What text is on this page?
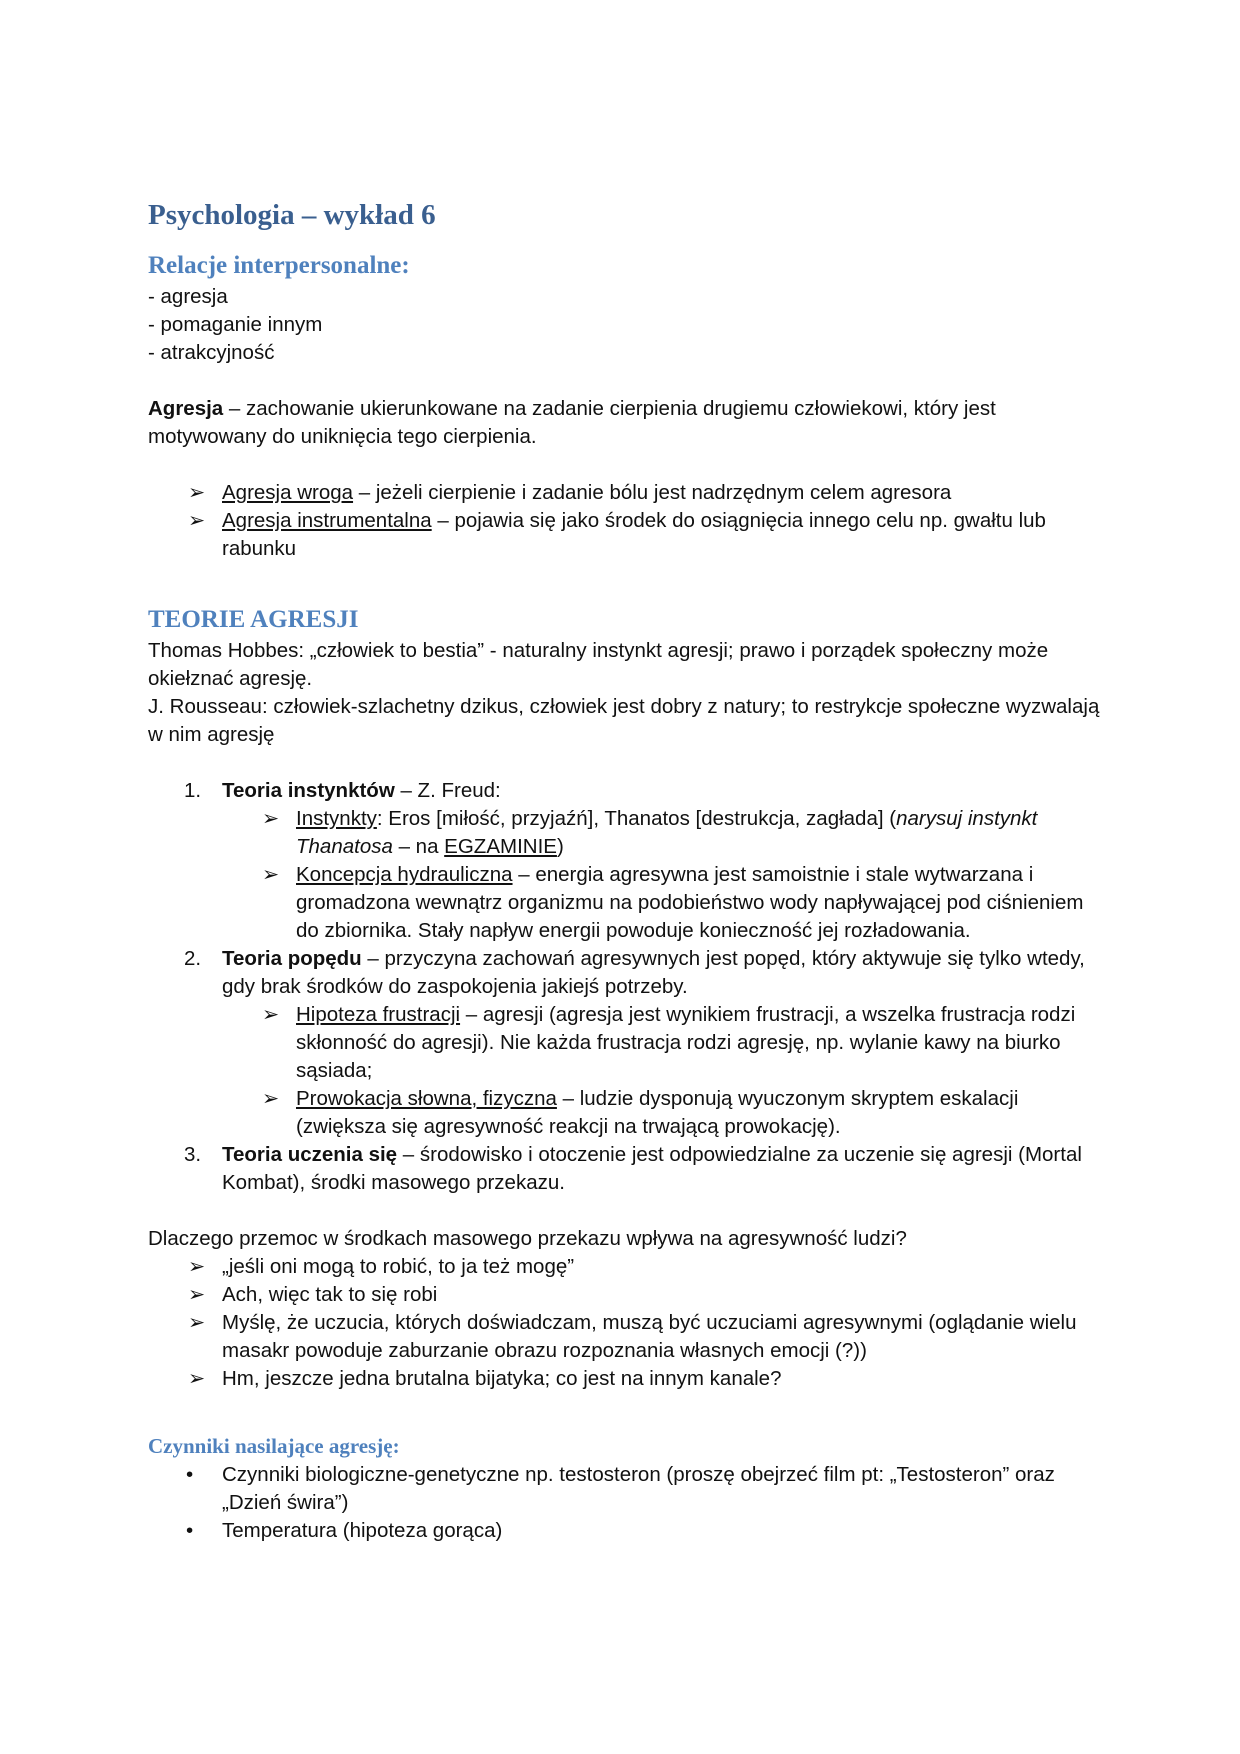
Psychologia – wykład 6
Relacje interpersonalne:
- agresja
- pomaganie innym
- atrakcyjność

Agresja – zachowanie ukierunkowane na zadanie cierpienia drugiemu człowiekowi, który jest motywowany do uniknięcia tego cierpienia.

➢ Agresja wroga – jeżeli cierpienie i zadanie bólu jest nadrzędnym celem agresora
➢ Agresja instrumentalna – pojawia się jako środek do osiągnięcia innego celu np. gwałtu lub rabunku
TEORIE AGRESJI

Thomas Hobbes: „człowiek to bestia” - naturalny instynkt agresji; prawo i porządek społeczny może okiełznać agresję.

J. Rousseau: człowiek-szlachetny dzikus, człowiek jest dobry z natury; to restrykcje społeczne wyzwalają w nim agresję

1. Teoria instynktów – Z. Freud:
➢ Instynkty: Eros [miłość, przyjaźń], Thanatos [destrukcja, zagłada] (narysuj instynkt Thanatosa – na EGZAMINIE)
➢ Koncepcja hydrauliczna – energia agresywna jest samoistnie i stale wytwarzana i gromadzona wewnątrz organizmu na podobieństwo wody napływającej pod ciśnieniem do zbiornika. Stały napływ energii powoduje konieczność jej rozładowania.
2. Teoria popędu – przyczyna zachowań agresywnych jest popęd, który aktywuje się tylko wtedy, gdy brak środków do zaspokojenia jakiejś potrzeby.
➢ Hipoteza frustracji – agresji (agresja jest wynikiem frustracji, a wszelka frustracja rodzi skłonność do agresji). Nie każda frustracja rodzi agresję, np. wylanie kawy na biurko sąsiada;
➢ Prowokacja słowna, fizyczna – ludzie dysponują wyuczonym skryptem eskalacji (zwiększa się agresywność reakcji na trwającą prowokację).
3. Teoria uczenia się – środowisko i otoczenie jest odpowiedzialne za uczenie się agresji (Mortal Kombat), środki masowego przekazu.

Dlaczego przemoc w środkach masowego przekazu wpływa na agresywność ludzi?

➢ „jeśli oni mogą to robić, to ja też mogę”
➢ Ach, więc tak to się robi
➢ Myślę, że uczucia, których doświadczam, muszą być uczuciami agresywnymi (oglądanie wielu masakr powoduje zaburzanie obrazu rozpoznania własnych emocji (?))
➢ Hm, jeszcze jedna brutalna bijatyka; co jest na innym kanale?
Czynniki nasilające agresję:
• Czynniki biologiczne-genetyczne np. testosteron (proszę obejrzeć film pt: „Testosteron” oraz „Dzień świra”)
• Temperatura (hipoteza gorąca)
